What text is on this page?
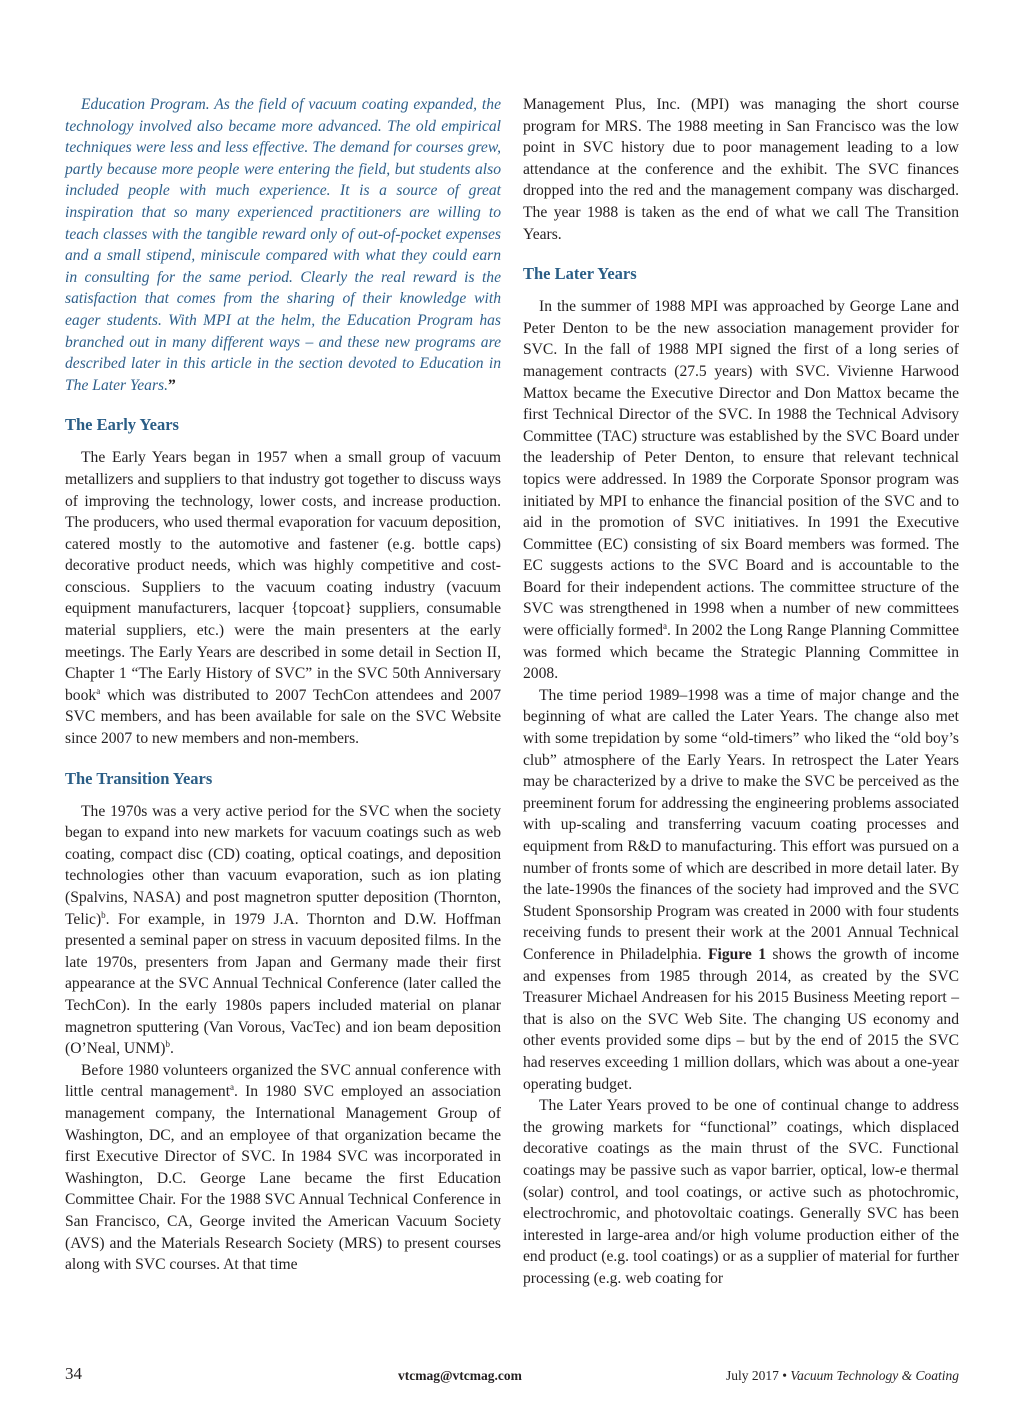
Education Program. As the field of vacuum coating expanded, the technology involved also became more advanced. The old empirical techniques were less and less effective. The demand for courses grew, partly because more people were entering the field, but students also included people with much experience. It is a source of great inspiration that so many experienced practitioners are willing to teach classes with the tangible reward only of out-of-pocket expenses and a small stipend, miniscule compared with what they could earn in consulting for the same period. Clearly the real reward is the satisfaction that comes from the sharing of their knowledge with eager students. With MPI at the helm, the Education Program has branched out in many different ways – and these new programs are described later in this article in the section devoted to Education in The Later Years.”

The Early Years

The Early Years began in 1957 when a small group of vacuum metallizers and suppliers to that industry got together to discuss ways of improving the technology, lower costs, and increase production. The producers, who used thermal evaporation for vacuum deposition, catered mostly to the automotive and fastener (e.g. bottle caps) decorative product needs, which was highly competitive and cost-conscious. Suppliers to the vacuum coating industry (vacuum equipment manufacturers, lacquer {topcoat} suppliers, consumable material suppliers, etc.) were the main presenters at the early meetings. The Early Years are described in some detail in Section II, Chapter 1 “The Early History of SVC” in the SVC 50th Anniversary book$^a$ which was distributed to 2007 TechCon attendees and 2007 SVC members, and has been available for sale on the SVC Website since 2007 to new members and non-members.

The Transition Years

The 1970s was a very active period for the SVC when the society began to expand into new markets for vacuum coatings such as web coating, compact disc (CD) coating, optical coatings, and deposition technologies other than vacuum evaporation, such as ion plating (Spalvins, NASA) and post magnetron sputter deposition (Thornton, Telic)$^b$. For example, in 1979 J.A. Thornton and D.W. Hoffman presented a seminal paper on stress in vacuum deposited films. In the late 1970s, presenters from Japan and Germany made their first appearance at the SVC Annual Technical Conference (later called the TechCon). In the early 1980s papers included material on planar magnetron sputtering (Van Vorous, VacTec) and ion beam deposition (O’Neal, UNM)$^b$.

Before 1980 volunteers organized the SVC annual conference with little central management$^a$. In 1980 SVC employed an association management company, the International Management Group of Washington, DC, and an employee of that organization became the first Executive Director of SVC. In 1984 SVC was incorporated in Washington, D.C. George Lane became the first Education Committee Chair. For the 1988 SVC Annual Technical Conference in San Francisco, CA, George invited the American Vacuum Society (AVS) and the Materials Research Society (MRS) to present courses along with SVC courses. At that time

Management Plus, Inc. (MPI) was managing the short course program for MRS. The 1988 meeting in San Francisco was the low point in SVC history due to poor management leading to a low attendance at the conference and the exhibit. The SVC finances dropped into the red and the management company was discharged. The year 1988 is taken as the end of what we call The Transition Years.

The Later Years

In the summer of 1988 MPI was approached by George Lane and Peter Denton to be the new association management provider for SVC. In the fall of 1988 MPI signed the first of a long series of management contracts (27.5 years) with SVC. Vivienne Harwood Mattox became the Executive Director and Don Mattox became the first Technical Director of the SVC. In 1988 the Technical Advisory Committee (TAC) structure was established by the SVC Board under the leadership of Peter Denton, to ensure that relevant technical topics were addressed. In 1989 the Corporate Sponsor program was initiated by MPI to enhance the financial position of the SVC and to aid in the promotion of SVC initiatives. In 1991 the Executive Committee (EC) consisting of six Board members was formed. The EC suggests actions to the SVC Board and is accountable to the Board for their independent actions. The committee structure of the SVC was strengthened in 1998 when a number of new committees were officially formed$^a$. In 2002 the Long Range Planning Committee was formed which became the Strategic Planning Committee in 2008.

The time period 1989–1998 was a time of major change and the beginning of what are called the Later Years. The change also met with some trepidation by some “old-timers” who liked the “old boy’s club” atmosphere of the Early Years. In retrospect the Later Years may be characterized by a drive to make the SVC be perceived as the preeminent forum for addressing the engineering problems associated with up-scaling and transferring vacuum coating processes and equipment from R&D to manufacturing. This effort was pursued on a number of fronts some of which are described in more detail later. By the late-1990s the finances of the society had improved and the SVC Student Sponsorship Program was created in 2000 with four students receiving funds to present their work at the 2001 Annual Technical Conference in Philadelphia. Figure 1 shows the growth of income and expenses from 1985 through 2014, as created by the SVC Treasurer Michael Andreasen for his 2015 Business Meeting report – that is also on the SVC Web Site. The changing US economy and other events provided some dips – but by the end of 2015 the SVC had reserves exceeding 1 million dollars, which was about a one-year operating budget.

The Later Years proved to be one of continual change to address the growing markets for “functional” coatings, which displaced decorative coatings as the main thrust of the SVC. Functional coatings may be passive such as vapor barrier, optical, low-e thermal (solar) control, and tool coatings, or active such as photochromic, electrochromic, and photovoltaic coatings. Generally SVC has been interested in large-area and/or high volume production either of the end product (e.g. tool coatings) or as a supplier of material for further processing (e.g. web coating for

34	vtcmag@vtcmag.com	July 2017 • Vacuum Technology & Coating
